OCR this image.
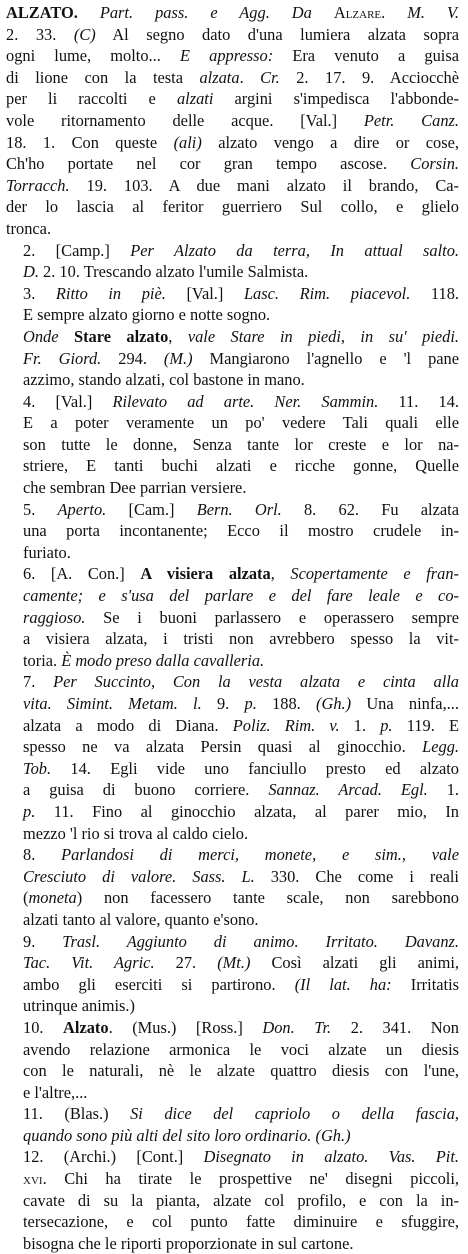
ALZATO. Part. pass. e Agg. Da Alzare. M. V.
2. 33. (C) Al segno dato d'una lumiera alzata sopra
ogni lume, molto... E appresso: Era venuto a guisa
di lione con la testa alzata. Cr. 2. 17. 9. Acciocchè
per li raccolti e alzati argini s'impedisca l'abbonde-
vole ritornamento delle acque. [Val.] Petr. Canz.
18. 1. Con queste (ali) alzato vengo a dire or cose,
Ch'ho portate nel cor gran tempo ascose. Corsin.
Torracch. 19. 103. A due mani alzato il brando, Ca-
der lo lascia al feritor guerriero Sul collo, e glielo
tronca.
2. [Camp.] Per Alzato da terra, In attual salto.
D. 2. 10. Trescando alzato l'umile Salmista.
3. Ritto in piè. [Val.] Lasc. Rim. piacevol. 118.
E sempre alzato giorno e notte sogno.
Onde Stare alzato, vale Stare in piedi, in su' piedi.
Fr. Giord. 294. (M.) Mangiarono l'agnello e 'l pane
azzimo, stando alzati, col bastone in mano.
4. [Val.] Rilevato ad arte. Ner. Sammin. 11. 14.
E a poter veramente un po' vedere Tali quali elle
son tutte le donne, Senza tante lor creste e lor na-
striere, E tanti buchi alzati e ricche gonne, Quelle
che sembran Dee parrian versiere.
5. Aperto. [Cam.] Bern. Orl. 8. 62. Fu alzata
una porta incontanente; Ecco il mostro crudele in-
furiato.
6. [A. Con.] A visiera alzata, Scopertamente e fran-
camente; e s'usa del parlare e del fare leale e co-
raggioso. Se i buoni parlassero e operassero sempre
a visiera alzata, i tristi non avrebbero spesso la vit-
toria. È modo preso dalla cavalleria.
7. Per Succinto, Con la vesta alzata e cinta alla
vita. Simint. Metam. l. 9. p. 188. (Gh.) Una ninfa,...
alzata a modo di Diana. Poliz. Rim. v. 1. p. 119. E
spesso ne va alzata Persin quasi al ginocchio. Legg.
Tob. 14. Egli vide uno fanciullo presto ed alzato
a guisa di buono corriere. Sannaz. Arcad. Egl. 1.
p. 11. Fino al ginocchio alzata, al parer mio, In
mezzo 'l rio si trova al caldo cielo.
8. Parlandosi di merci, monete, e sim., vale
Cresciuto di valore. Sass. L. 330. Che come i reali
(moneta) non facessero tante scale, non sarebbono
alzati tanto al valore, quanto e'sono.
9. Trasl. Aggiunto di animo. Irritato. Davanz.
Tac. Vit. Agric. 27. (Mt.) Così alzati gli animi,
ambo gli eserciti si partirono. (Il lat. ha: Irritatis
utrinque animis.)
10. Alzato. (Mus.) [Ross.] Don. Tr. 2. 341. Non
avendo relazione armonica le voci alzate un diesis
con le naturali, nè le alzate quattro diesis con l'une,
e l'altre,...
11. (Blas.) Si dice del capriolo o della fascia,
quando sono più alti del sito loro ordinario. (Gh.)
12. (Archi.) [Cont.] Disegnato in alzato. Vas. Pit.
xvi. Chi ha tirate le prospettive ne' disegni piccoli,
cavate di su la pianta, alzate col profilo, e con la in-
tersecazione, e col punto fatte diminuire e sfuggire,
bisogna che le riporti proporzionate in sul cartone.
